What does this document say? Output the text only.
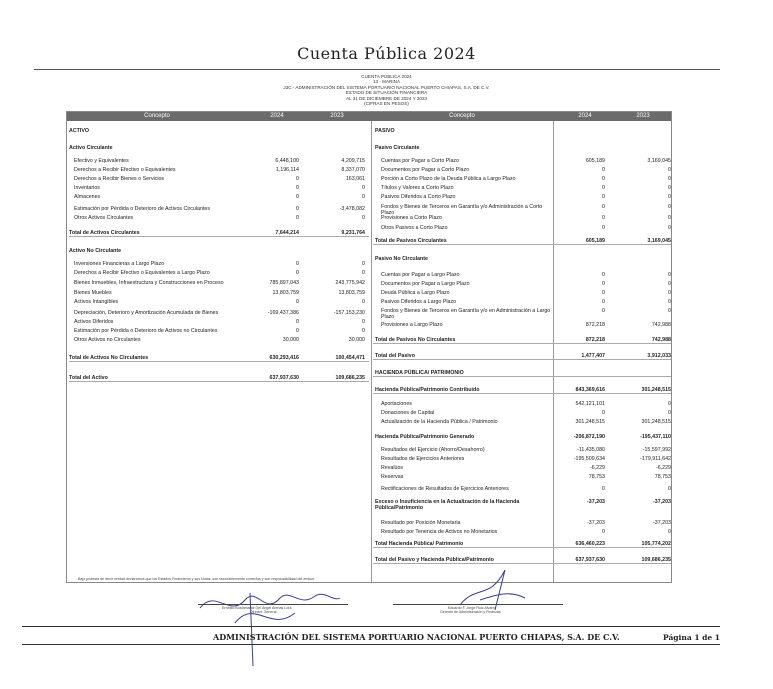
Cuenta Pública 2024
CUENTA PÚBLICA 2024
13 - MARINA
J3C - ADMINISTRACIÓN DEL SISTEMA PORTUARIO NACIONAL PUERTO CHIAPAS, S.A. DE C.V.
ESTADO DE SITUACIÓN FINANCIERA
AL 31 DE DICIEMBRE DE 2024 Y 2023
(CIFRAS EN PESOS)
Concepto	2024	2023	Concepto	2024	2023
ACTIVO
Activo Circulante
Efectivo y Equivalentes	6,448,100	4,209,715
Derechos a Recibir Efectivo o Equivalentes	1,196,114	8,337,070
Derechos a Recibir Bienes o Servicios	0	163,061
Inventarios	0	0
Almacenes	0	0
Estimación por Pérdida o Deterioro de Activos Circulantes	0	-3,478,082
Otros Activos Circulantes	0	0
Total de Activos Circulantes	7,644,214	9,231,764
Activo No Circulante
Inversiones Financieras a Largo Plazo	0	0
Derechos a Recibir Efectivo o Equivalentes a Largo Plazo	0	0
Bienes Inmuebles, Infraestructura y Construcciones en Proceso	785,897,043	243,775,942
Bienes Muebles	13,803,759	13,803,759
Activos Intangibles	0	0
Depreciación, Deterioro y Amortización Acumulada de Bienes	-169,437,386	-157,153,230
Activos Diferidos	0	0
Estimación por Pérdida o Deterioro de Activos no Circulantes	0	0
Otros Activos no Circulantes	30,000	30,000
Total de Activos No Circulantes	630,293,416	100,454,471
Total del Activo	637,937,630	109,686,235
PASIVO
Pasivo Circulante
Cuentas por Pagar a Corto Plazo	605,189	3,169,045
Documentos por Pagar a Corto Plazo	0	0
Porción a Corto Plazo de la Deuda Pública a Largo Plazo	0	0
Títulos y Valores a Corto Plazo	0	0
Pasivos Diferidos a Corto Plazo	0	0
Fondos y Bienes de Terceros en Garantía y/o Administración a Corto Plazo
0	0
Provisiones a Corto Plazo	0	0
Otros Pasivos a Corto Plazo	0	0
Total de Pasivos Circulantes	605,189	3,169,045
Pasivo No Circulante
Cuentas por Pagar a Largo Plazo	0	0
Documentos por Pagar a Largo Plazo	0	0
Deuda Pública a Largo Plazo	0	0
Pasivos Diferidos a Largo Plazo	0	0
Fondos y Bienes de Terceros en Garantía y/o en Administración a Largo Plazo
0	0
Provisiones a Largo Plazo	872,218	742,988
Total de Pasivos No Circulantes	872,218	742,988
Total del Pasivo	1,477,407	3,912,033
HACIENDA PÚBLICA/ PATRIMONIO
Hacienda Pública/Patrimonio Contribuido	843,369,616	301,248,515
Aportaciones	542,121,101	0
Donaciones de Capital	0	0
Actualización de la Hacienda Pública / Patrimonio	301,248,515	301,248,515
Hacienda Pública/Patrimonio Generado	-206,872,190	-195,437,110
Resultados del Ejercicio (Ahorro/Desahorro)	-11,435,080	-15,597,992
Resultados de Ejercicios Anteriores	-195,509,634	-179,911,642
Revalúos	-6,229	-6,229
Reservas	78,753	78,753
Rectificaciones de Resultados de Ejercicios Anteriores	0	0
Exceso o Insuficiencia en la Actualización de la Hacienda Pública/Patrimonio
-37,203	-37,203
Resultado por Posición Monetaria	-37,203	-37,203
Resultado por Tenencia de Activos no Monetarios	0	0
Total Hacienda Pública/ Patrimonio	636,460,223	105,774,202
Total del Pasivo y Hacienda Pública/Patrimonio	637,937,630	109,686,235
Bajo protesta de decir verdad declaramos que los Estados Financieros y sus Notas, son razonablemente correctos y son responsabilidad del emisor.
Ernesto Bustamante Del Ángel Arenas Lora
Director General
Eduardo F. Jorge Ruiz Alvarez
Gerente de Administración y Finanzas
ADMINISTRACIÓN DEL SISTEMA PORTUARIO NACIONAL PUERTO CHIAPAS, S.A. DE C.V.	Página 1 de 1
